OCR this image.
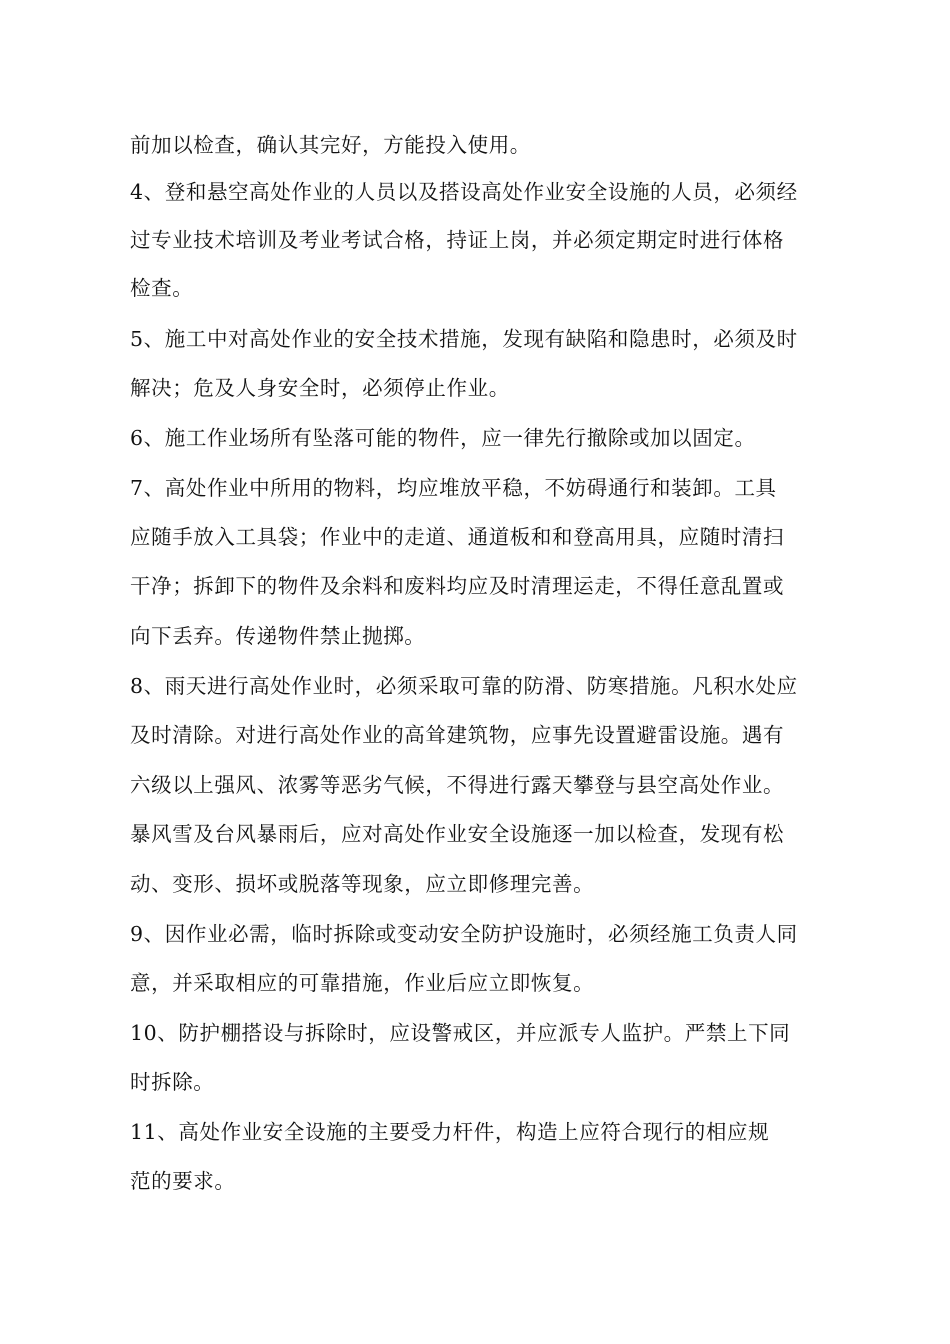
前加以检查，确认其完好，方能投入使用。
4、登和悬空高处作业的人员以及搭设高处作业安全设施的人员，必须经
过专业技术培训及考业考试合格，持证上岗，并必须定期定时进行体格
检查。
5、施工中对高处作业的安全技术措施，发现有缺陷和隐患时，必须及时
解决；危及人身安全时，必须停止作业。
6、施工作业场所有坠落可能的物件，应一律先行撤除或加以固定。
7、高处作业中所用的物料，均应堆放平稳，不妨碍通行和装卸。工具
应随手放入工具袋；作业中的走道、通道板和和登高用具，应随时清扫
干净；拆卸下的物件及余料和废料均应及时清理运走，不得任意乱置或
向下丢弃。传递物件禁止抛掷。
8、雨天进行高处作业时，必须采取可靠的防滑、防寒措施。凡积水处应
及时清除。对进行高处作业的高耸建筑物，应事先设置避雷设施。遇有
六级以上强风、浓雾等恶劣气候，不得进行露天攀登与县空高处作业。
暴风雪及台风暴雨后，应对高处作业安全设施逐一加以检查，发现有松
动、变形、损坏或脱落等现象，应立即修理完善。
9、因作业必需，临时拆除或变动安全防护设施时，必须经施工负责人同
意，并采取相应的可靠措施，作业后应立即恢复。
10、防护棚搭设与拆除时，应设警戒区，并应派专人监护。严禁上下同
时拆除。
11、高处作业安全设施的主要受力杆件，构造上应符合现行的相应规
范的要求。
